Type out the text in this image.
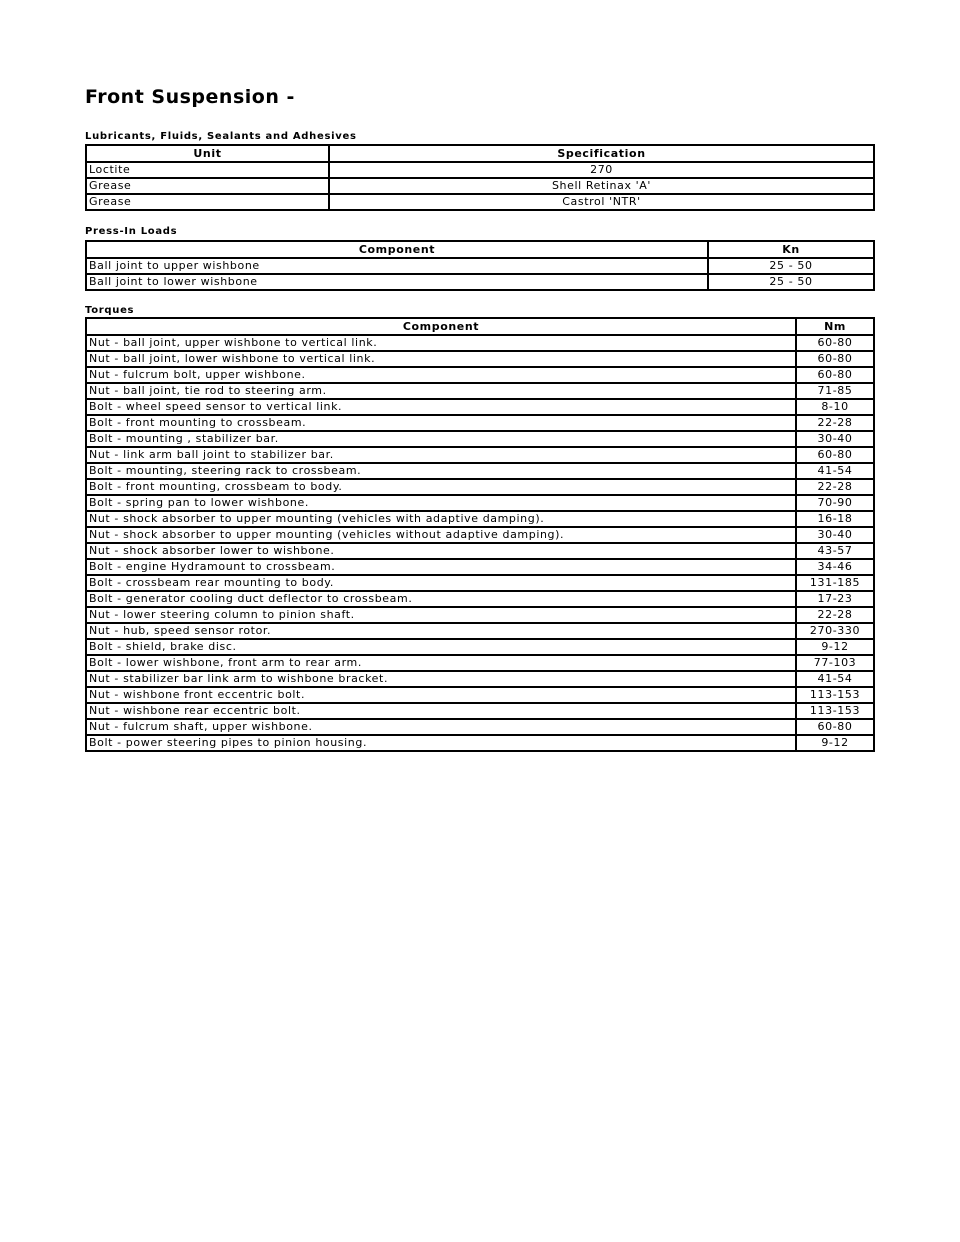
Front Suspension -
Lubricants, Fluids, Sealants and Adhesives
Unit	Specification
Loctite	270
Grease	Shell Retinax 'A'
Grease	Castrol 'NTR'
Press-In Loads
Component	Kn
Ball joint to upper wishbone	25 - 50
Ball joint to lower wishbone	25 - 50
Torques
Component	Nm
Nut - ball joint, upper wishbone to vertical link.	60-80
Nut - ball joint, lower wishbone to vertical link.	60-80
Nut - fulcrum bolt, upper wishbone.	60-80
Nut - ball joint, tie rod to steering arm.	71-85
Bolt - wheel speed sensor to vertical link.	8-10
Bolt - front mounting to crossbeam.	22-28
Bolt - mounting , stabilizer bar.	30-40
Nut - link arm ball joint to stabilizer bar.	60-80
Bolt - mounting, steering rack to crossbeam.	41-54
Bolt - front mounting, crossbeam to body.	22-28
Bolt - spring pan to lower wishbone.	70-90
Nut - shock absorber to upper mounting (vehicles with adaptive damping).	16-18
Nut - shock absorber to upper mounting (vehicles without adaptive damping).	30-40
Nut - shock absorber lower to wishbone.	43-57
Bolt - engine Hydramount to crossbeam.	34-46
Bolt - crossbeam rear mounting to body.	131-185
Bolt - generator cooling duct deflector to crossbeam.	17-23
Nut - lower steering column to pinion shaft.	22-28
Nut - hub, speed sensor rotor.	270-330
Bolt - shield, brake disc.	9-12
Bolt - lower wishbone, front arm to rear arm.	77-103
Nut - stabilizer bar link arm to wishbone bracket.	41-54
Nut - wishbone front eccentric bolt.	113-153
Nut - wishbone rear eccentric bolt.	113-153
Nut - fulcrum shaft, upper wishbone.	60-80
Bolt - power steering pipes to pinion housing.	9-12
